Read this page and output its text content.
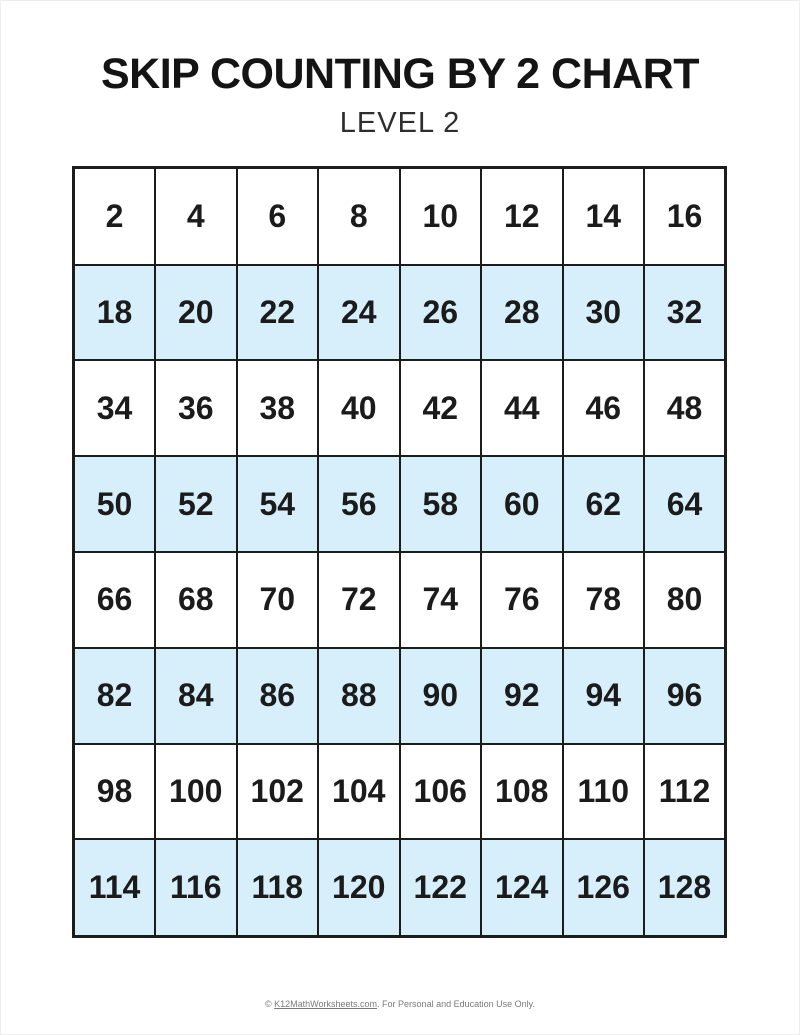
SKIP COUNTING BY 2 CHART
LEVEL 2
2	4	6	8	10	12	14	16
18	20	22	24	26	28	30	32
34	36	38	40	42	44	46	48
50	52	54	56	58	60	62	64
66	68	70	72	74	76	78	80
82	84	86	88	90	92	94	96
98	100	102	104	106	108	110	112
114	116	118	120	122	124	126	128
© K12MathWorksheets.com. For Personal and Education Use Only.
